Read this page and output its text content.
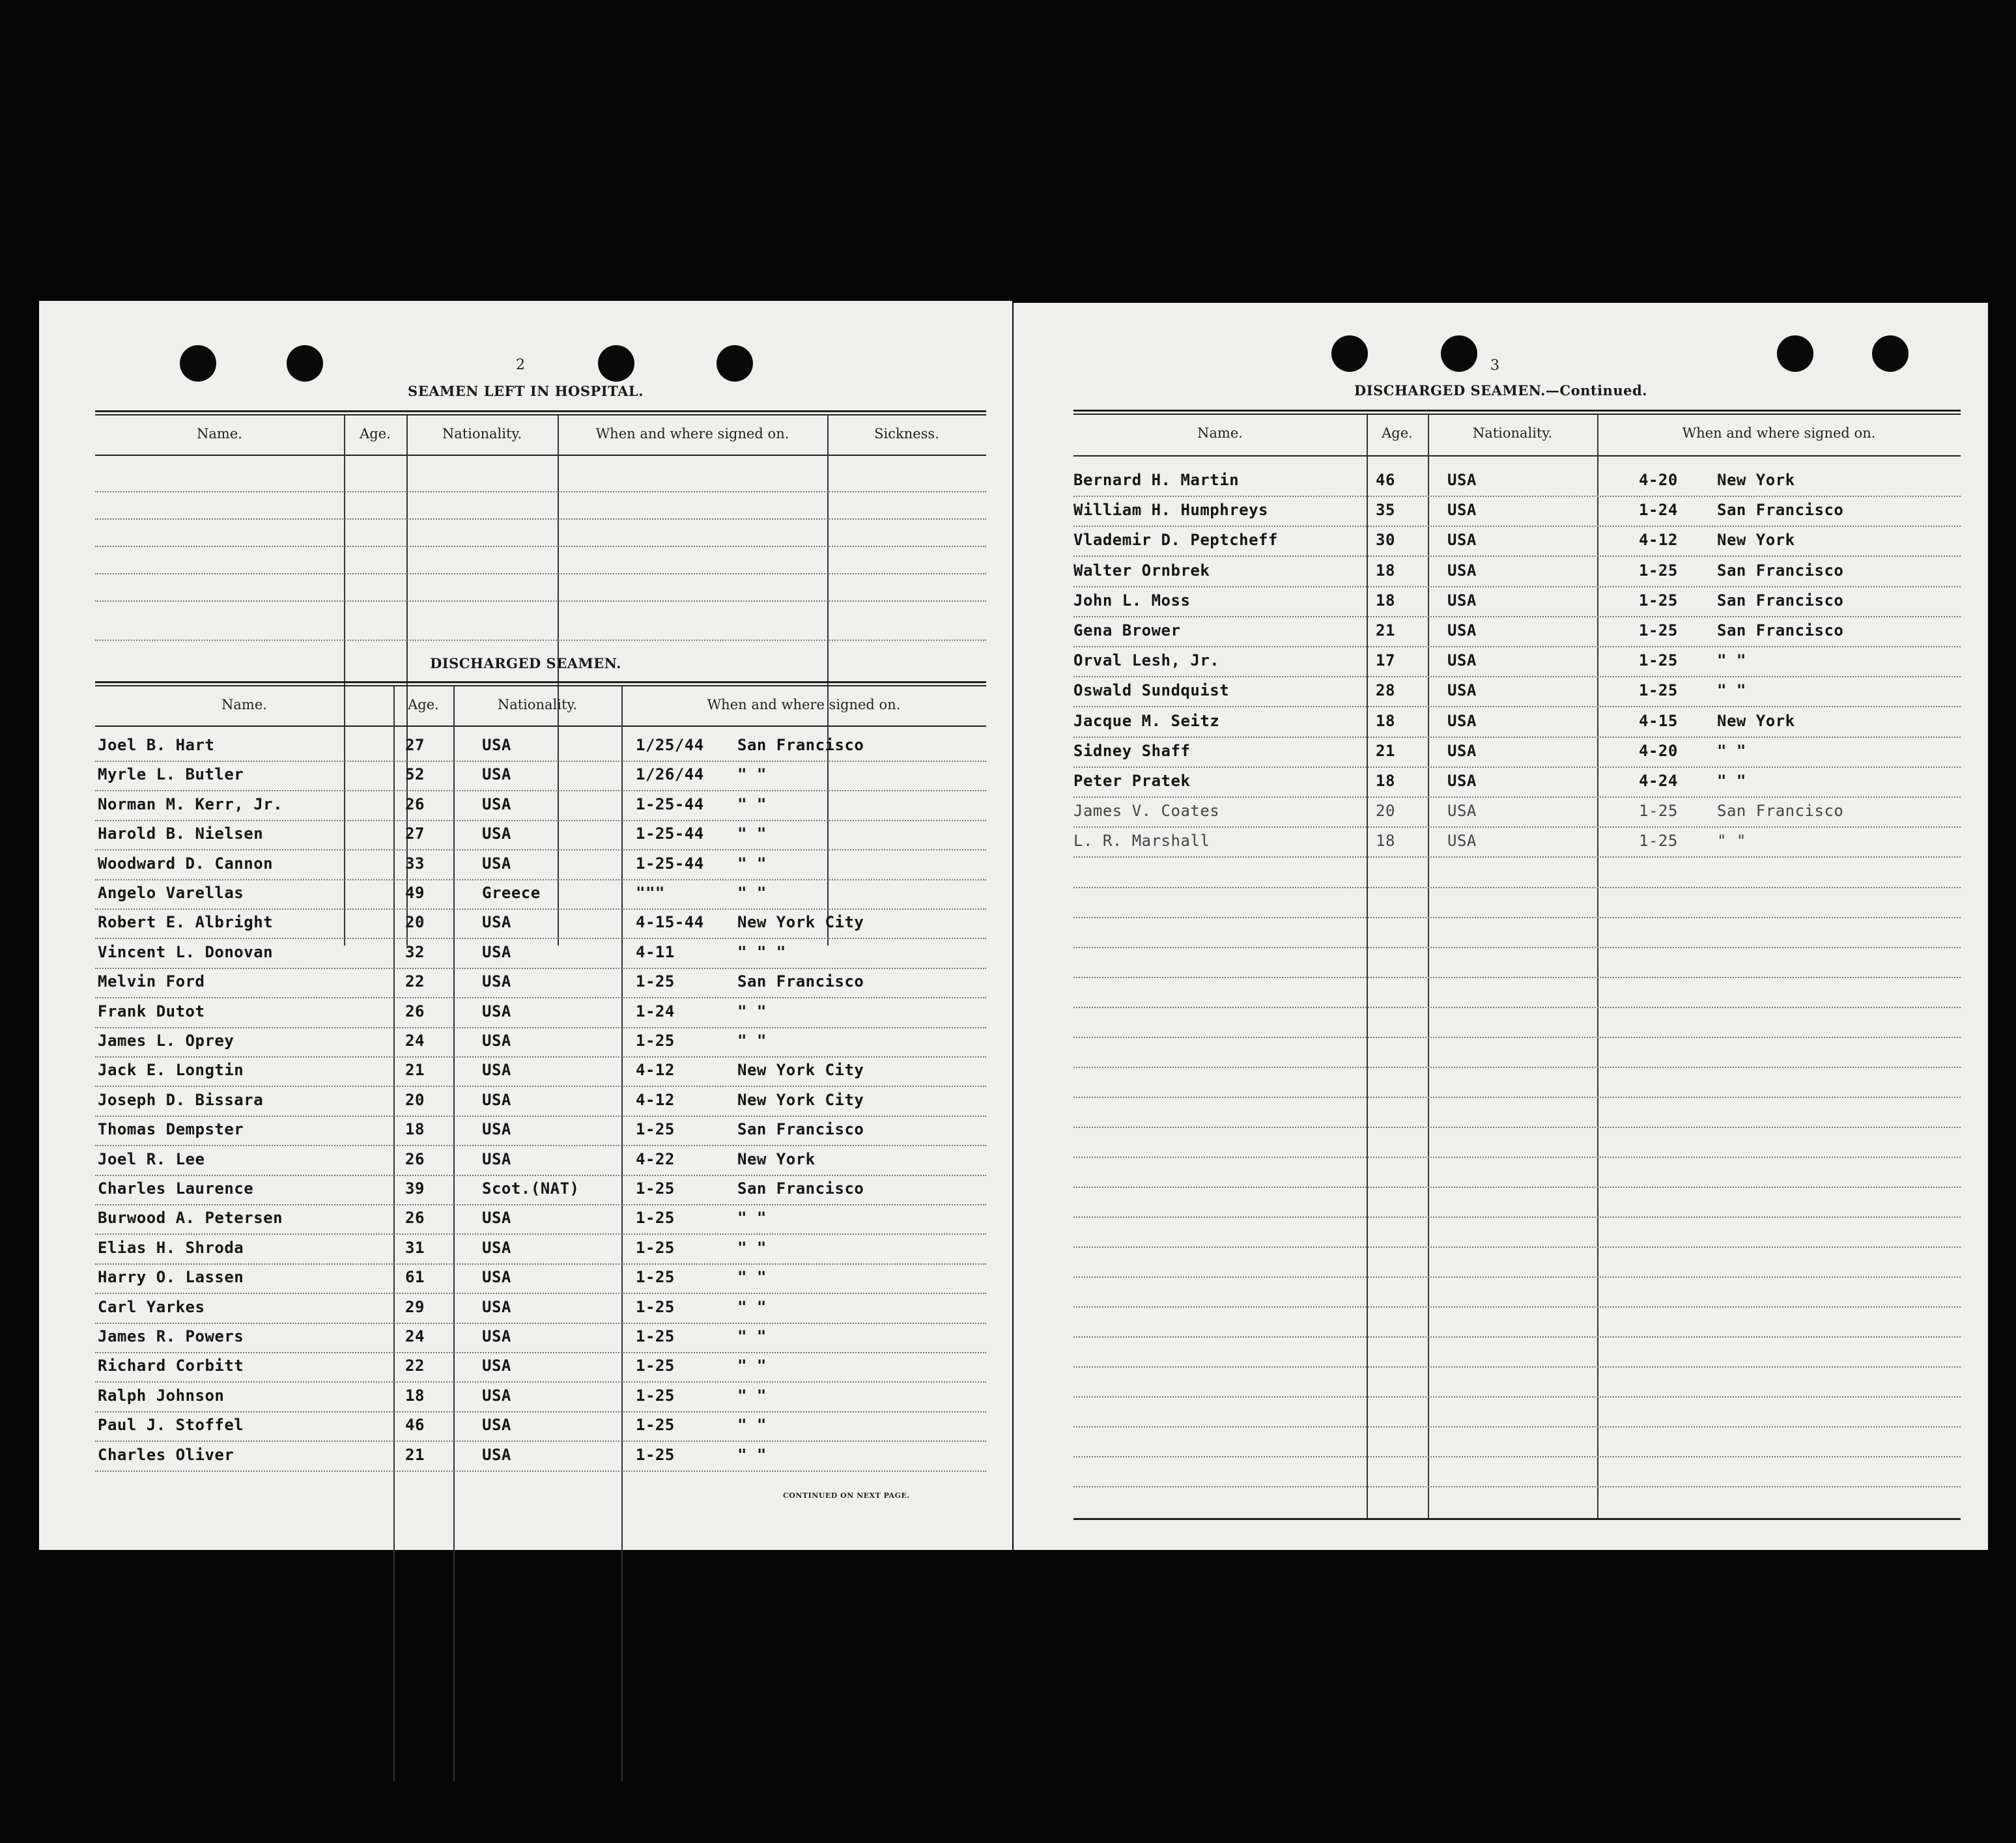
2
SEAMEN LEFT IN HOSPITAL.
Name.	Age.	Nationality.	When and where signed on.	Sickness.
DISCHARGED SEAMEN.
Name.	Age.	Nationality.	When and where signed on.
Joel B. Hart	27	USA	1/25/44 San Francisco
Myrle L. Butler	52	USA	1/26/44 " "
Norman M. Kerr, Jr.	26	USA	1-25-44 " "
Harold B. Nielsen	27	USA	1-25-44 " "
Woodward D. Cannon	33	USA	1-25-44 " "
Angelo Varellas	49	Greece	"""	" "
Robert E. Albright	20	USA	4-15-44 New York City
Vincent L. Donovan	32	USA	4-11	" " "
Melvin Ford	22	USA	1-25	San Francisco
Frank Dutot	26	USA	1-24	" "
James L. Oprey	24	USA	1-25	" "
Jack E. Longtin	21	USA	4-12	New York City
Joseph D. Bissara	20	USA	4-12	New York City
Thomas Dempster	18	USA	1-25	San Francisco
Joel R. Lee	26	USA	4-22	New York
Charles Laurence	39	Scot.(NAT)	1-25	San Francisco
Burwood A. Petersen	26	USA	1-25	" "
Elias H. Shroda	31	USA	1-25	" "
Harry O. Lassen	61	USA	1-25	" "
Carl Yarkes	29	USA	1-25	" "
James R. Powers	24	USA	1-25	" "
Richard Corbitt	22	USA	1-25	" "
Ralph Johnson	18	USA	1-25	" "
Paul J. Stoffel	46	USA	1-25	" "
Charles Oliver	21	USA	1-25	" "
CONTINUED ON NEXT PAGE.
3
DISCHARGED SEAMEN.—Continued.
Name.	Age.	Nationality.	When and where signed on.
Bernard H. Martin	46	USA	4-20	New York
William H. Humphreys	35	USA	1-24	San Francisco
Vlademir D. Peptcheff	30	USA	4-12	New York
Walter Ornbrek	18	USA	1-25	San Francisco
John L. Moss	18	USA	1-25	San Francisco
Gena Brower	21	USA	1-25	San Francisco
Orval Lesh, Jr.	17	USA	1-25	" "
Oswald Sundquist	28	USA	1-25	" "
Jacque M. Seitz	18	USA	4-15	New York
Sidney Shaff	21	USA	4-20	" "
Peter Pratek	18	USA	4-24	" "
James V. Coates	20	USA	1-25	San Francisco
L. R. Marshall	18	USA	1-25	" "
